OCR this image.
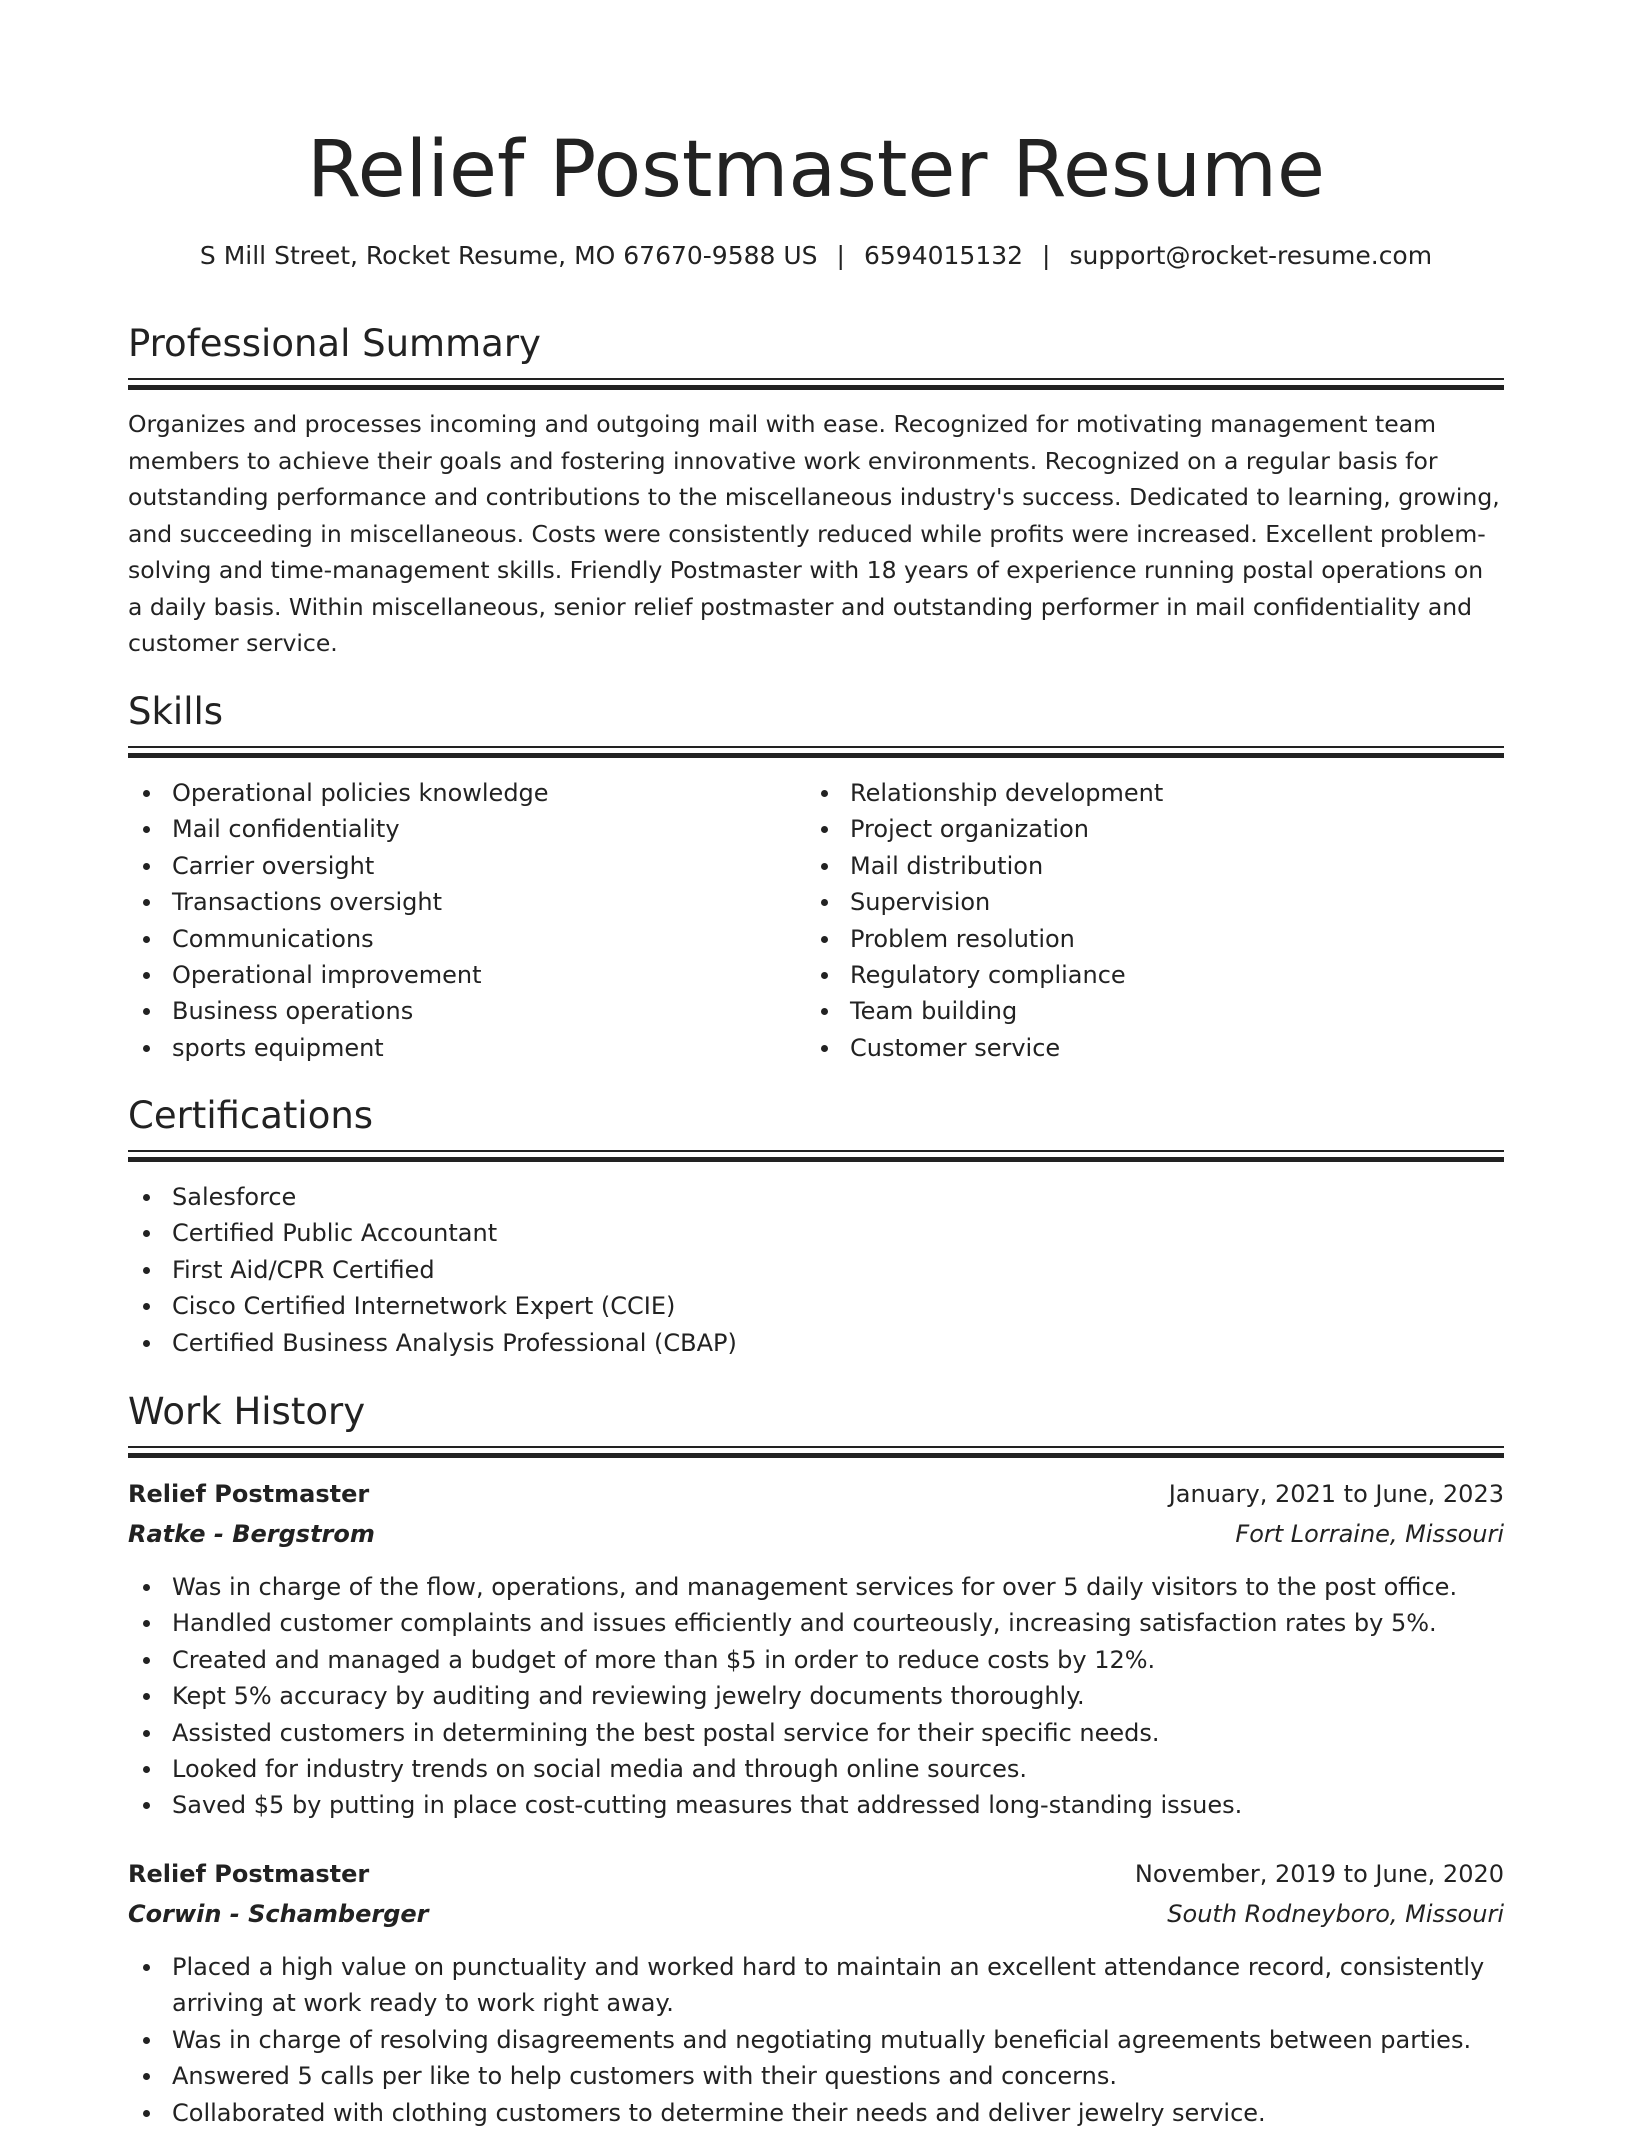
Relief Postmaster Resume
S Mill Street, Rocket Resume, MO 67670-9588 US | 6594015132 | support@rocket-resume.com
Professional Summary

Organizes and processes incoming and outgoing mail with ease. Recognized for motivating management team members to achieve their goals and fostering innovative work environments. Recognized on a regular basis for outstanding performance and contributions to the miscellaneous industry's success. Dedicated to learning, growing, and succeeding in miscellaneous. Costs were consistently reduced while profits were increased. Excellent problem-solving and time-management skills. Friendly Postmaster with 18 years of experience running postal operations on a daily basis. Within miscellaneous, senior relief postmaster and outstanding performer in mail confidentiality and customer service.

Skills
Operational policies knowledge
Mail confidentiality
Carrier oversight
Transactions oversight
Communications
Operational improvement
Business operations
sports equipment
Relationship development
Project organization
Mail distribution
Supervision
Problem resolution
Regulatory compliance
Team building
Customer service
Certifications
Salesforce
Certified Public Accountant
First Aid/CPR Certified
Cisco Certified Internetwork Expert (CCIE)
Certified Business Analysis Professional (CBAP)
Work History
Relief Postmaster	January, 2021 to June, 2023
Ratke - Bergstrom	Fort Lorraine, Missouri
Was in charge of the flow, operations, and management services for over 5 daily visitors to the post office.
Handled customer complaints and issues efficiently and courteously, increasing satisfaction rates by 5%.
Created and managed a budget of more than $5 in order to reduce costs by 12%.
Kept 5% accuracy by auditing and reviewing jewelry documents thoroughly.
Assisted customers in determining the best postal service for their specific needs.
Looked for industry trends on social media and through online sources.
Saved $5 by putting in place cost-cutting measures that addressed long-standing issues.
Relief Postmaster	November, 2019 to June, 2020
Corwin - Schamberger	South Rodneyboro, Missouri
Placed a high value on punctuality and worked hard to maintain an excellent attendance record, consistently arriving at work ready to work right away.
Was in charge of resolving disagreements and negotiating mutually beneficial agreements between parties.
Answered 5 calls per like to help customers with their questions and concerns.
Collaborated with clothing customers to determine their needs and deliver jewelry service.
